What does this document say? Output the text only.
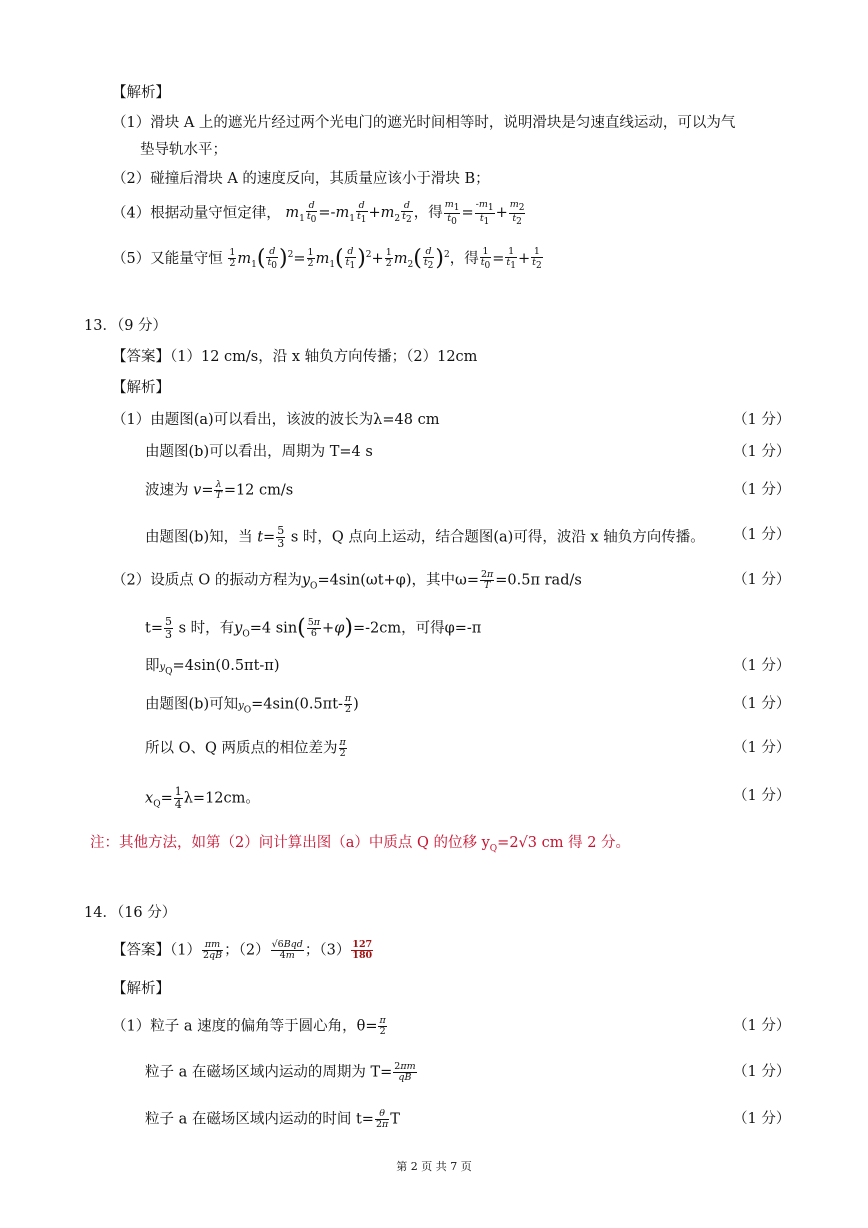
【解析】
（1）滑块 A 上的遮光片经过两个光电门的遮光时间相等时，说明滑块是匀速直线运动，可以为气
垫导轨水平；
（2）碰撞后滑块 A 的速度反向，其质量应该小于滑块 B；
（4）根据动量守恒定律， $m_1 \frac{d}{t_0} =-m_1 \frac{d}{t_1} +m_2 \frac{d}{t_2}$ ，得 $\frac{m_1}{t_0} = \frac{-m_1}{t_1} + \frac{m_2}{t_2}$
（5）又能量守恒 $\frac{1}{2} m_1( \frac{d}{t_0} )^2= \frac{1}{2} m_1( \frac{d}{t_1} )^2+ \frac{1}{2} m_2( \frac{d}{t_2} )^2$，得 $\frac{1}{t_0} = \frac{1}{t_1} + \frac{1}{t_2}$
13．（9 分）
【答案】（1）12 cm/s，沿 x 轴负方向传播；（2）12cm
【解析】
（1）由题图(a)可以看出，该波的波长为λ=48 cm	（1 分）
由题图(b)可以看出，周期为 T=4 s	（1 分）
波速为 $v= \frac{\lambda}{T} =12$ cm/s	（1 分）
由题图(b)知，当 $t= \frac{5}{3}$ s 时，Q 点向上运动，结合题图(a)可得，波沿 x 轴负方向传播。 （1 分）
（2）设质点 O 的振动方程为$y_O=4\sin(\omega t+\varphi)$，其中$\omega= \frac{2\pi}{T} =0.5\pi$ rad/s	（1 分）
$t= \frac{5}{3}$ s 时，有$y_O=4$ $\sin( \frac{5\pi}{6} +\varphi)=-2cm$，可得φ=-π
即$y_Q=4\sin(0.5\pi t-\pi)$	（1 分）
由题图(b)可知$y_O=4\sin(0.5\pi t- \frac{\pi}{2}$ )	（1 分）
所以 O、Q 两质点的相位差为 $\frac{\pi}{2}$	（1 分）
$x_Q= \frac{1}{4} \lambda=12cm$。	（1 分）
注：其他方法，如第（2）问计算出图（a）中质点 Q 的位移 $y_Q=2√3$ cm 得 2 分。
14．（16 分）
【答案】$(1) \frac{\pi m}{2qB}$ ；$(2) \frac{\text{√6Bqd}}{4m}$ ；$(3) \frac{127}{180}$
【解析】
（1）粒子 a 速度的偏角等于圆心角，$\theta= \frac{\pi}{2}$	（1 分）
粒子 a 在磁场区域内运动的周期为 $T= \frac{2\pi m}{qB}$	（1 分）
粒子 a 在磁场区域内运动的时间 $t= \frac{\theta}{2\pi}$ T	（1 分）
第 2 页 共 7 页
